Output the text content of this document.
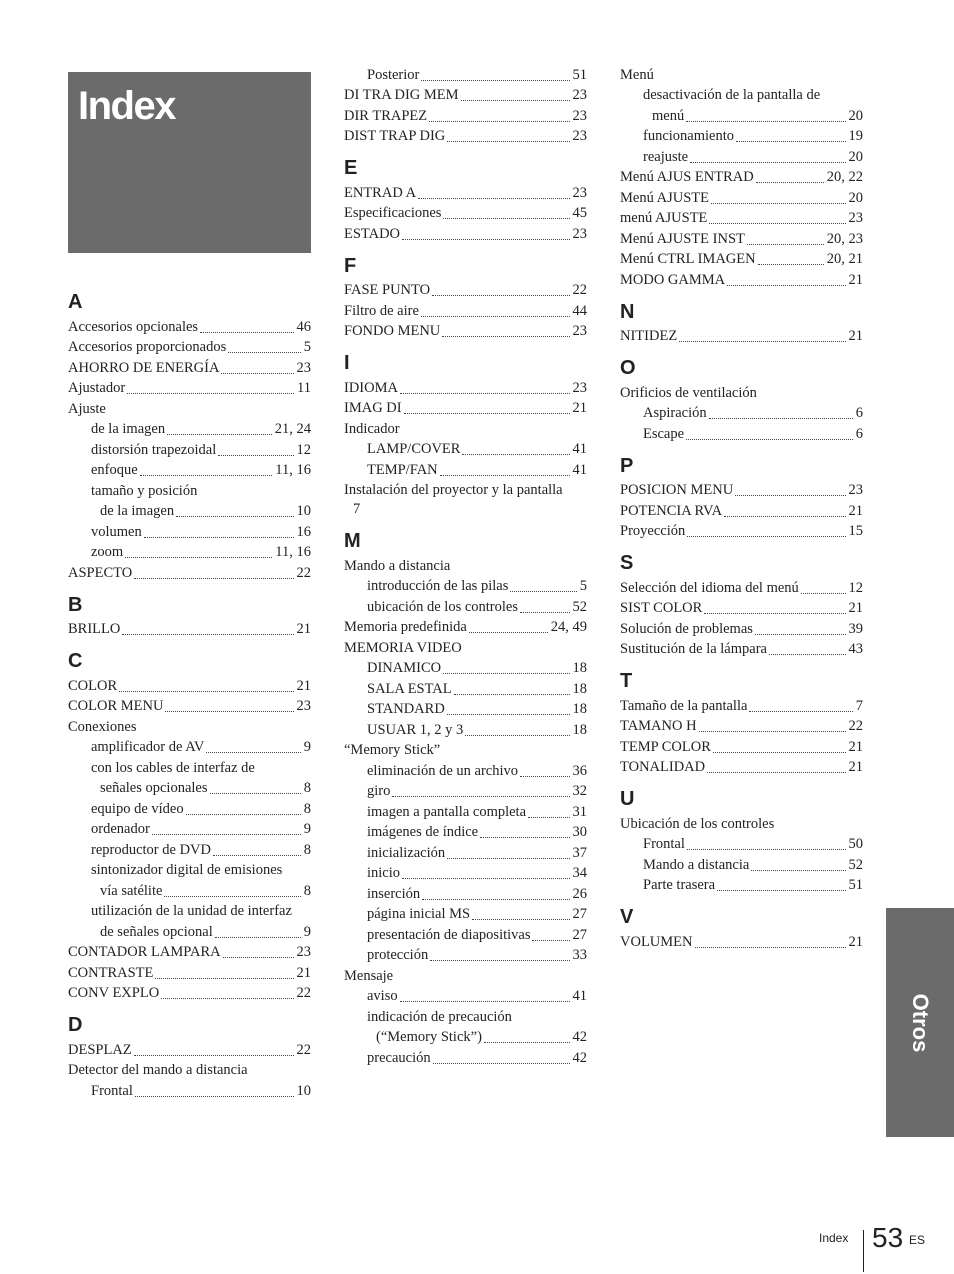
Index
A
Accesorios opcionales	46
Accesorios proporcionados	5
AHORRO DE ENERGÍA	23
Ajustador	11
Ajuste
de la imagen	21, 24
distorsión trapezoidal	12
enfoque	11, 16
tamaño y posición
de la imagen	10
volumen	16
zoom	11, 16
ASPECTO	22
B
BRILLO	21
C
COLOR	21
COLOR MENU	23
Conexiones
amplificador de AV	9
con los cables de interfaz de
señales opcionales	8
equipo de vídeo	8
ordenador	9
reproductor de DVD	8
sintonizador digital de emisiones
vía satélite	8
utilización de la unidad de interfaz
de señales opcional	9
CONTADOR LAMPARA	23
CONTRASTE	21
CONV EXPLO	22
D
DESPLAZ	22
Detector del mando a distancia
Frontal	10
Posterior	51
DI TRA DIG MEM	23
DIR TRAPEZ	23
DIST TRAP DIG	23
E
ENTRAD A	23
Especificaciones	45
ESTADO	23
F
FASE PUNTO	22
Filtro de aire	44
FONDO MENU	23
I
IDIOMA	23
IMAG DI	21
Indicador
LAMP/COVER	41
TEMP/FAN	41
Instalación del proyector y la pantalla
7
M
Mando a distancia
introducción de las pilas	5
ubicación de los controles	52
Memoria predefinida	24, 49
MEMORIA VIDEO
DINAMICO	18
SALA ESTAL	18
STANDARD	18
USUAR 1, 2 y 3	18
“Memory Stick”
eliminación de un archivo	36
giro	32
imagen a pantalla completa	31
imágenes de índice	30
inicialización	37
inicio	34
inserción	26
página inicial MS	27
presentación de diapositivas	27
protección	33
Mensaje
aviso	41
indicación de precaución
(“Memory Stick”)	42
precaución	42
Menú
desactivación de la pantalla de
menú	20
funcionamiento	19
reajuste	20
Menú AJUS ENTRAD	20, 22
Menú AJUSTE	20
menú AJUSTE	23
Menú AJUSTE INST	20, 23
Menú CTRL IMAGEN	20, 21
MODO GAMMA	21
N
NITIDEZ	21
O
Orificios de ventilación
Aspiración	6
Escape	6
P
POSICION MENU	23
POTENCIA RVA	21
Proyección	15
S
Selección del idioma del menú	12
SIST COLOR	21
Solución de problemas	39
Sustitución de la lámpara	43
T
Tamaño de la pantalla	7
TAMANO H	22
TEMP COLOR	21
TONALIDAD	21
U
Ubicación de los controles
Frontal	50
Mando a distancia	52
Parte trasera	51
V
VOLUMEN	21
Otros
Index 53 ES
